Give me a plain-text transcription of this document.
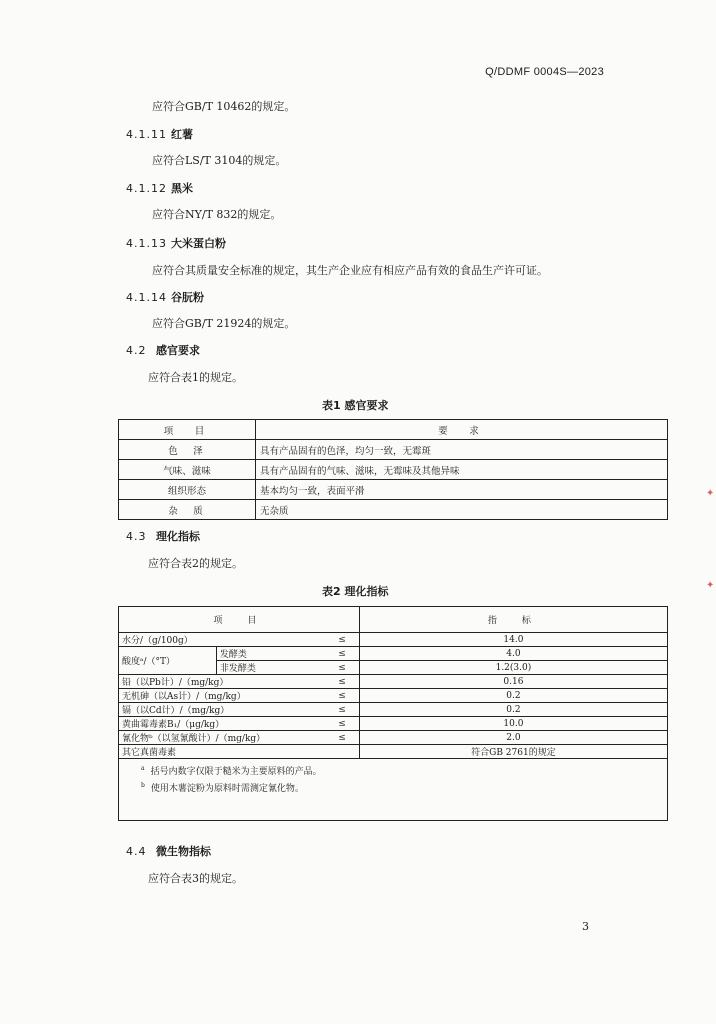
Q/DDMF 0004S—2023
应符合GB/T 10462的规定。
4.1.11 红薯
应符合LS/T 3104的规定。
4.1.12 黑米
应符合NY/T 832的规定。
4.1.13 大米蛋白粉
应符合其质量安全标准的规定，其生产企业应有相应产品有效的食品生产许可证。
4.1.14 谷朊粉
应符合GB/T 21924的规定。
4.2 感官要求
应符合表1的规定。
表1 感官要求
项　目	要　求
色　泽	具有产品固有的色泽，均匀一致，无霉斑
气味、滋味	具有产品固有的气味、滋味，无霉味及其他异味
组织形态	基本均匀一致，表面平滑
杂　质	无杂质
4.3 理化指标
应符合表2的规定。
表2 理化指标
项　目			指　标
水分/（g/100g）		≤	14.0
酸度ᵃ/（°T）	发酵类	≤	4.0
	非发酵类	≤	1.2(3.0)
铅（以Pb计）/（mg/kg）		≤	0.16
无机砷（以As计）/（mg/kg）		≤	0.2
镉（以Cd计）/（mg/kg）		≤	0.2
黄曲霉毒素B₁/（μg/kg）		≤	10.0
氰化物ᵇ（以氢氰酸计）/（mg/kg）		≤	2.0
其它真菌毒素			符合GB 2761的规定

$^a$ 括号内数字仅限于糙米为主要原料的产品。
$^b$ 使用木薯淀粉为原料时需测定氰化物。			
4.4 微生物指标
应符合表3的规定。
3
✦
✦
